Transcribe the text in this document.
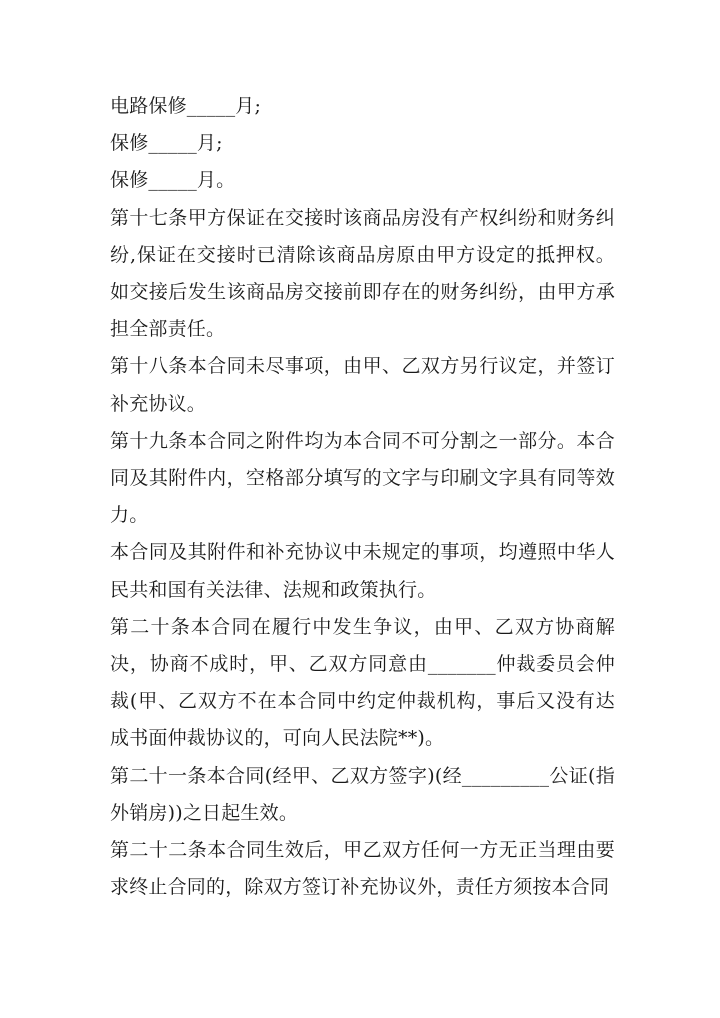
电路保修_____月;

保修_____月;

保修_____月。

第十七条甲方保证在交接时该商品房没有产权纠纷和财务纠纷,保证在交接时已清除该商品房原由甲方设定的抵押权。如交接后发生该商品房交接前即存在的财务纠纷，由甲方承担全部责任。

第十八条本合同未尽事项，由甲、乙双方另行议定，并签订补充协议。

第十九条本合同之附件均为本合同不可分割之一部分。本合同及其附件内，空格部分填写的文字与印刷文字具有同等效力。

本合同及其附件和补充协议中未规定的事项，均遵照中华人民共和国有关法律、法规和政策执行。

第二十条本合同在履行中发生争议，由甲、乙双方协商解决，协商不成时，甲、乙双方同意由_______仲裁委员会仲裁(甲、乙双方不在本合同中约定仲裁机构，事后又没有达成书面仲裁协议的，可向人民法院**)。

第二十一条本合同(经甲、乙双方签字)(经_________公证(指外销房))之日起生效。

第二十二条本合同生效后，甲乙双方任何一方无正当理由要求终止合同的，除双方签订补充协议外，责任方须按本合同
